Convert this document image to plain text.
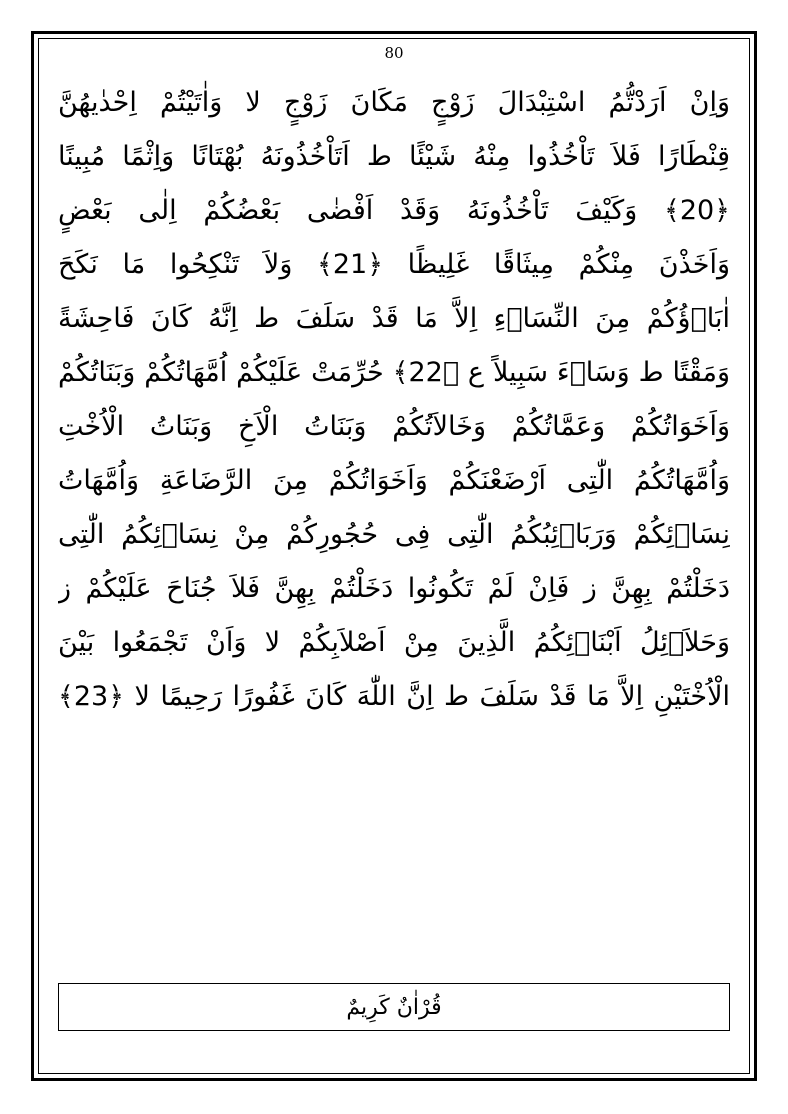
80
وَاِنْ اَرَدْتُّمُ اسْتِبْدَالَ زَوْجٍ مَكَانَ زَوْجٍ لا وَاٰتَيْتُمْ اِحْدٰيهُنَّ
قِنْطَارًا فَلاَ تَاْخُذُوا مِنْهُ شَيْئًا ط اَتَاْخُذُونَهُ بُهْتَانًا وَاِثْمًا مُبِينًا
﴿20﴾ وَكَيْفَ تَاْخُذُونَهُ وَقَدْ اَفْضٰى بَعْضُكُمْ اِلٰى بَعْضٍ
وَاَخَذْنَ مِنْكُمْ مِيثَاقًا غَلِيظًا ﴿21﴾ وَلاَ تَنْكِحُوا مَا نَكَحَ
اٰبَاۤؤُكُمْ مِنَ النِّسَاۤءِ اِلاَّ مَا قَدْ سَلَفَ ط اِنَّهُ كَانَ فَاحِشَةً
وَمَقْتًا ط وَسَاۤءَ سَبِيلاً ع ﴿22﴾ حُرِّمَتْ عَلَيْكُمْ اُمَّهَاتُكُمْ وَبَنَاتُكُمْ
وَاَخَوَاتُكُمْ وَعَمَّاتُكُمْ وَخَالاَتُكُمْ وَبَنَاتُ الْاَخِ وَبَنَاتُ الْاُخْتِ
وَاُمَّهَاتُكُمُ الّٰتِى اَرْضَعْنَكُمْ وَاَخَوَاتُكُمْ مِنَ الرَّضَاعَةِ وَاُمَّهَاتُ
نِسَاۤئِكُمْ وَرَبَاۤئِبُكُمُ الّٰتِى فِى حُجُورِكُمْ مِنْ نِسَاۤئِكُمُ الّٰتِى
دَخَلْتُمْ بِهِنَّ ز فَاِنْ لَمْ تَكُونُوا دَخَلْتُمْ بِهِنَّ فَلاَ جُنَاحَ عَلَيْكُمْ ز
وَحَلاَۤئِلُ اَبْنَاۤئِكُمُ الَّذِينَ مِنْ اَصْلاَبِكُمْ لا وَاَنْ تَجْمَعُوا بَيْنَ
الْاُخْتَيْنِ اِلاَّ مَا قَدْ سَلَفَ ط اِنَّ اللّٰهَ كَانَ غَفُورًا رَحِيمًا لا ﴿23﴾
قُرْاٰنٌ كَرِيمٌ
